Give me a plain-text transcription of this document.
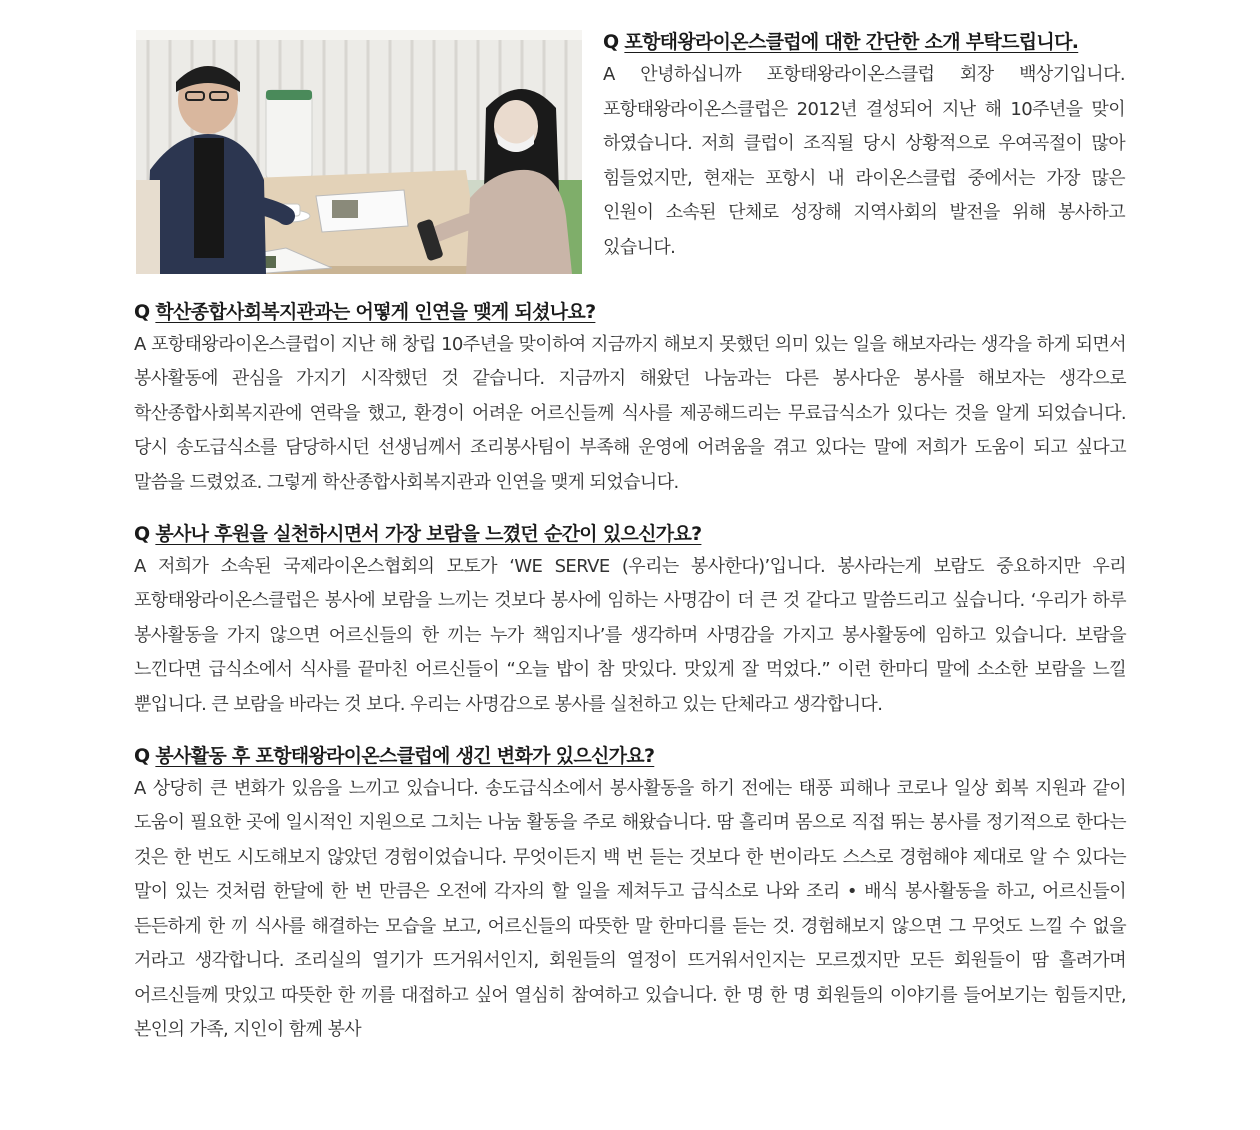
Q 포항태왕라이온스클럽에 대한 간단한 소개 부탁드립니다.

A 안녕하십니까 포항태왕라이온스클럽 회장 백상기입니다. 포항태왕라이온스클럽은 2012년 결성되어 지난 해 10주년을 맞이 하였습니다. 저희 클럽이 조직될 당시 상황적으로 우여곡절이 많아 힘들었지만, 현재는 포항시 내 라이온스클럽 중에서는 가장 많은 인원이 소속된 단체로 성장해 지역사회의 발전을 위해 봉사하고 있습니다.

Q 학산종합사회복지관과는 어떻게 인연을 맺게 되셨나요?

A 포항태왕라이온스클럽이 지난 해 창립 10주년을 맞이하여 지금까지 해보지 못했던 의미 있는 일을 해보자라는 생각을 하게 되면서 봉사활동에 관심을 가지기 시작했던 것 같습니다. 지금까지 해왔던 나눔과는 다른 봉사다운 봉사를 해보자는 생각으로 학산종합사회복지관에 연락을 했고, 환경이 어려운 어르신들께 식사를 제공해드리는 무료급식소가 있다는 것을 알게 되었습니다. 당시 송도급식소를 담당하시던 선생님께서 조리봉사팀이 부족해 운영에 어려움을 겪고 있다는 말에 저희가 도움이 되고 싶다고 말씀을 드렸었죠. 그렇게 학산종합사회복지관과 인연을 맺게 되었습니다.

Q 봉사나 후원을 실천하시면서 가장 보람을 느꼈던 순간이 있으신가요?

A 저희가 소속된 국제라이온스협회의 모토가 ‘WE SERVE (우리는 봉사한다)’입니다. 봉사라는게 보람도 중요하지만 우리 포항태왕라이온스클럽은 봉사에 보람을 느끼는 것보다 봉사에 임하는 사명감이 더 큰 것 같다고 말씀드리고 싶습니다. ‘우리가 하루 봉사활동을 가지 않으면 어르신들의 한 끼는 누가 책임지나’를 생각하며 사명감을 가지고 봉사활동에 임하고 있습니다. 보람을 느낀다면 급식소에서 식사를 끝마친 어르신들이 “오늘 밥이 참 맛있다. 맛있게 잘 먹었다.” 이런 한마디 말에 소소한 보람을 느낄 뿐입니다. 큰 보람을 바라는 것 보다. 우리는 사명감으로 봉사를 실천하고 있는 단체라고 생각합니다.

Q 봉사활동 후 포항태왕라이온스클럽에 생긴 변화가 있으신가요?

A 상당히 큰 변화가 있음을 느끼고 있습니다. 송도급식소에서 봉사활동을 하기 전에는 태풍 피해나 코로나 일상 회복 지원과 같이 도움이 필요한 곳에 일시적인 지원으로 그치는 나눔 활동을 주로 해왔습니다. 땀 흘리며 몸으로 직접 뛰는 봉사를 정기적으로 한다는 것은 한 번도 시도해보지 않았던 경험이었습니다. 무엇이든지 백 번 듣는 것보다 한 번이라도 스스로 경험해야 제대로 알 수 있다는 말이 있는 것처럼 한달에 한 번 만큼은 오전에 각자의 할 일을 제쳐두고 급식소로 나와 조리 • 배식 봉사활동을 하고, 어르신들이 든든하게 한 끼 식사를 해결하는 모습을 보고, 어르신들의 따뜻한 말 한마디를 듣는 것. 경험해보지 않으면 그 무엇도 느낄 수 없을 거라고 생각합니다. 조리실의 열기가 뜨거워서인지, 회원들의 열정이 뜨거워서인지는 모르겠지만 모든 회원들이 땀 흘려가며 어르신들께 맛있고 따뜻한 한 끼를 대접하고 싶어 열심히 참여하고 있습니다. 한 명 한 명 회원들의 이야기를 들어보기는 힘들지만, 본인의 가족, 지인이 함께 봉사
